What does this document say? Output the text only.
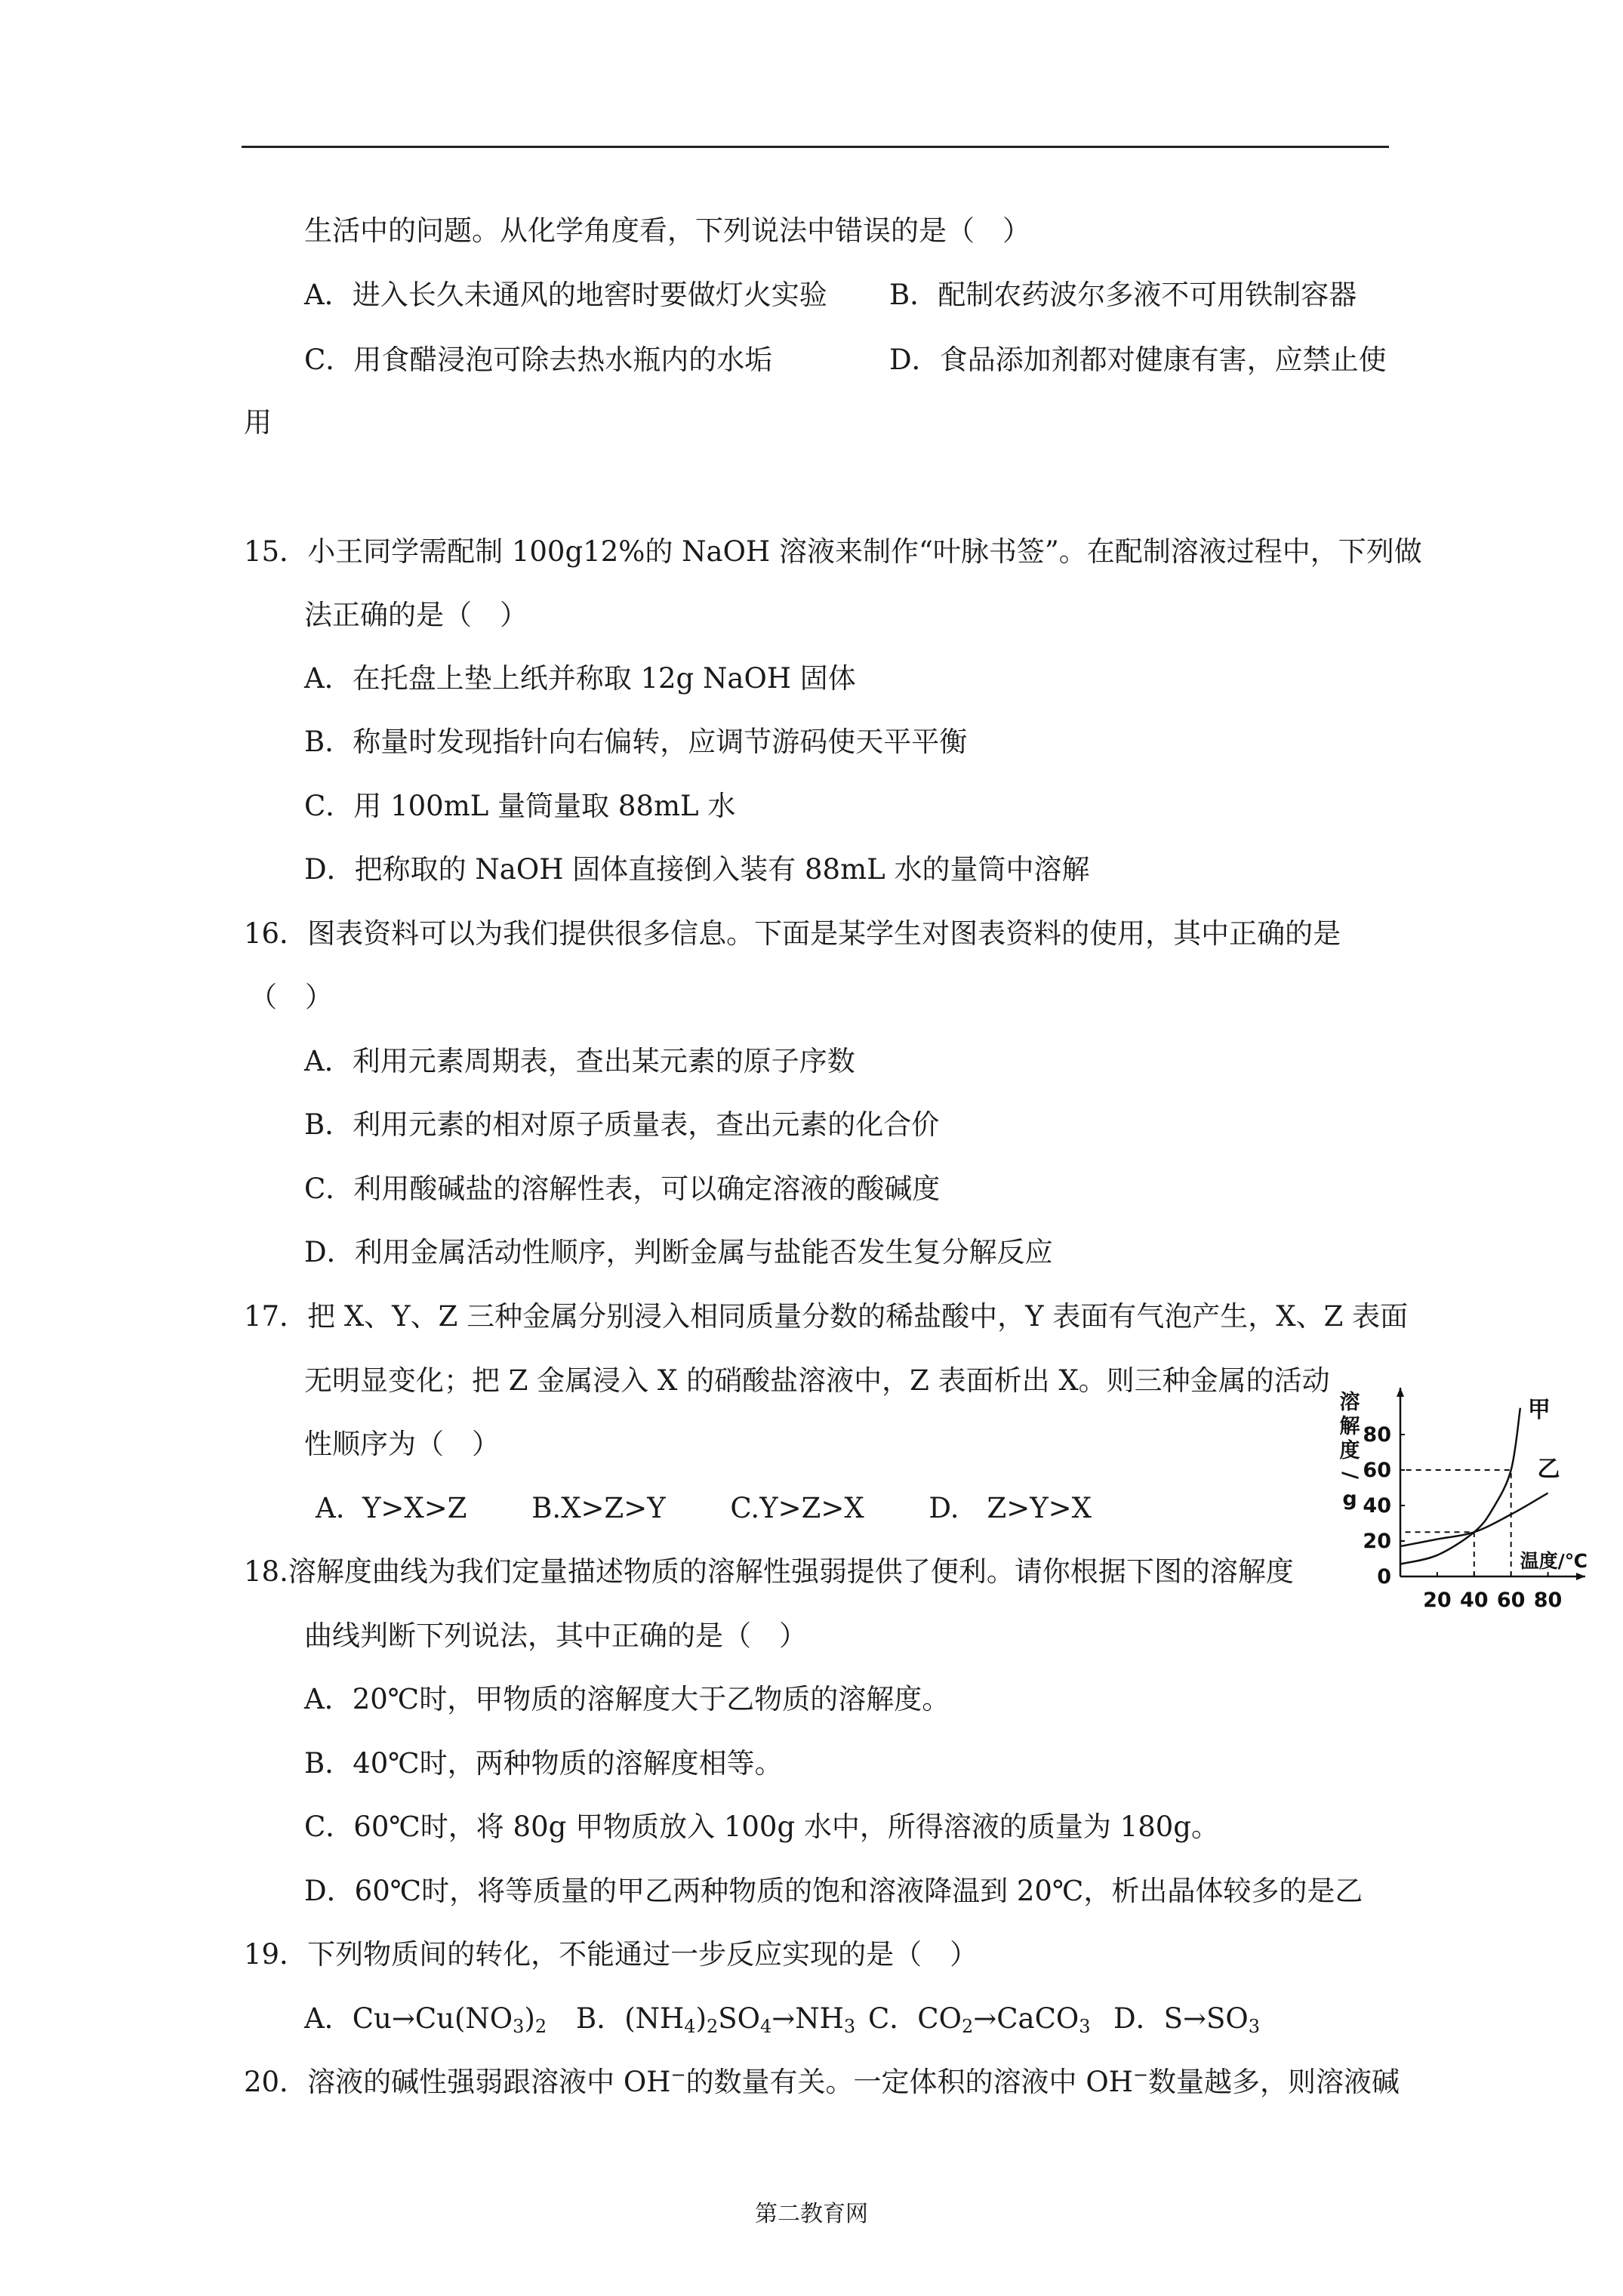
生活中的问题。从化学角度看，下列说法中错误的是（　）
A．进入长久未通风的地窖时要做灯火实验 B．配制农药波尔多液不可用铁制容器
C．用食醋浸泡可除去热水瓶内的水垢	D．食品添加剂都对健康有害，应禁止使
用
15．小王同学需配制 100g12%的 NaOH 溶液来制作“叶脉书签”。在配制溶液过程中，下列做
法正确的是（　）
A．在托盘上垫上纸并称取 12g NaOH 固体
B．称量时发现指针向右偏转，应调节游码使天平平衡
C．用 100mL 量筒量取 88mL 水
D．把称取的 NaOH 固体直接倒入装有 88mL 水的量筒中溶解
16．图表资料可以为我们提供很多信息。下面是某学生对图表资料的使用，其中正确的是
（　）
A．利用元素周期表，查出某元素的原子序数
B．利用元素的相对原子质量表，查出元素的化合价
C．利用酸碱盐的溶解性表，可以确定溶液的酸碱度
D．利用金属活动性顺序，判断金属与盐能否发生复分解反应
17．把 X、Y、Z 三种金属分别浸入相同质量分数的稀盐酸中，Y 表面有气泡产生，X、Z 表面
无明显变化；把 Z 金属浸入 X 的硝酸盐溶液中，Z 表面析出 X。则三种金属的活动
性顺序为（　）
A.  Y>X>Z　　 B.X>Z>Y　　 C.Y>Z>X　　 D.　Z>Y>X
18.溶解度曲线为我们定量描述物质的溶解性强弱提供了便利。请你根据下图的溶解度
曲线判断下列说法，其中正确的是（　）
A．20℃时，甲物质的溶解度大于乙物质的溶解度。
B．40℃时，两种物质的溶解度相等。
C．60℃时，将 80g 甲物质放入 100g 水中，所得溶液的质量为 180g。
D．60℃时，将等质量的甲乙两种物质的饱和溶液降温到 20℃，析出晶体较多的是乙
19．下列物质间的转化，不能通过一步反应实现的是（　）
A．$Cu\to Cu(NO_3)_2$ B．$(NH_4)_2SO_4\to NH_3$ C．$CO_2\to CaCO_3$ D．$S\to SO_3$
20．溶液的碱性强弱跟溶液中 OH−的数量有关。一定体积的溶液中 OH−数量越多，则溶液碱
第二教育网
甲
乙
20 40 60 80
0
20
40
60
80
溶
解
度
/
g
温度/℃
